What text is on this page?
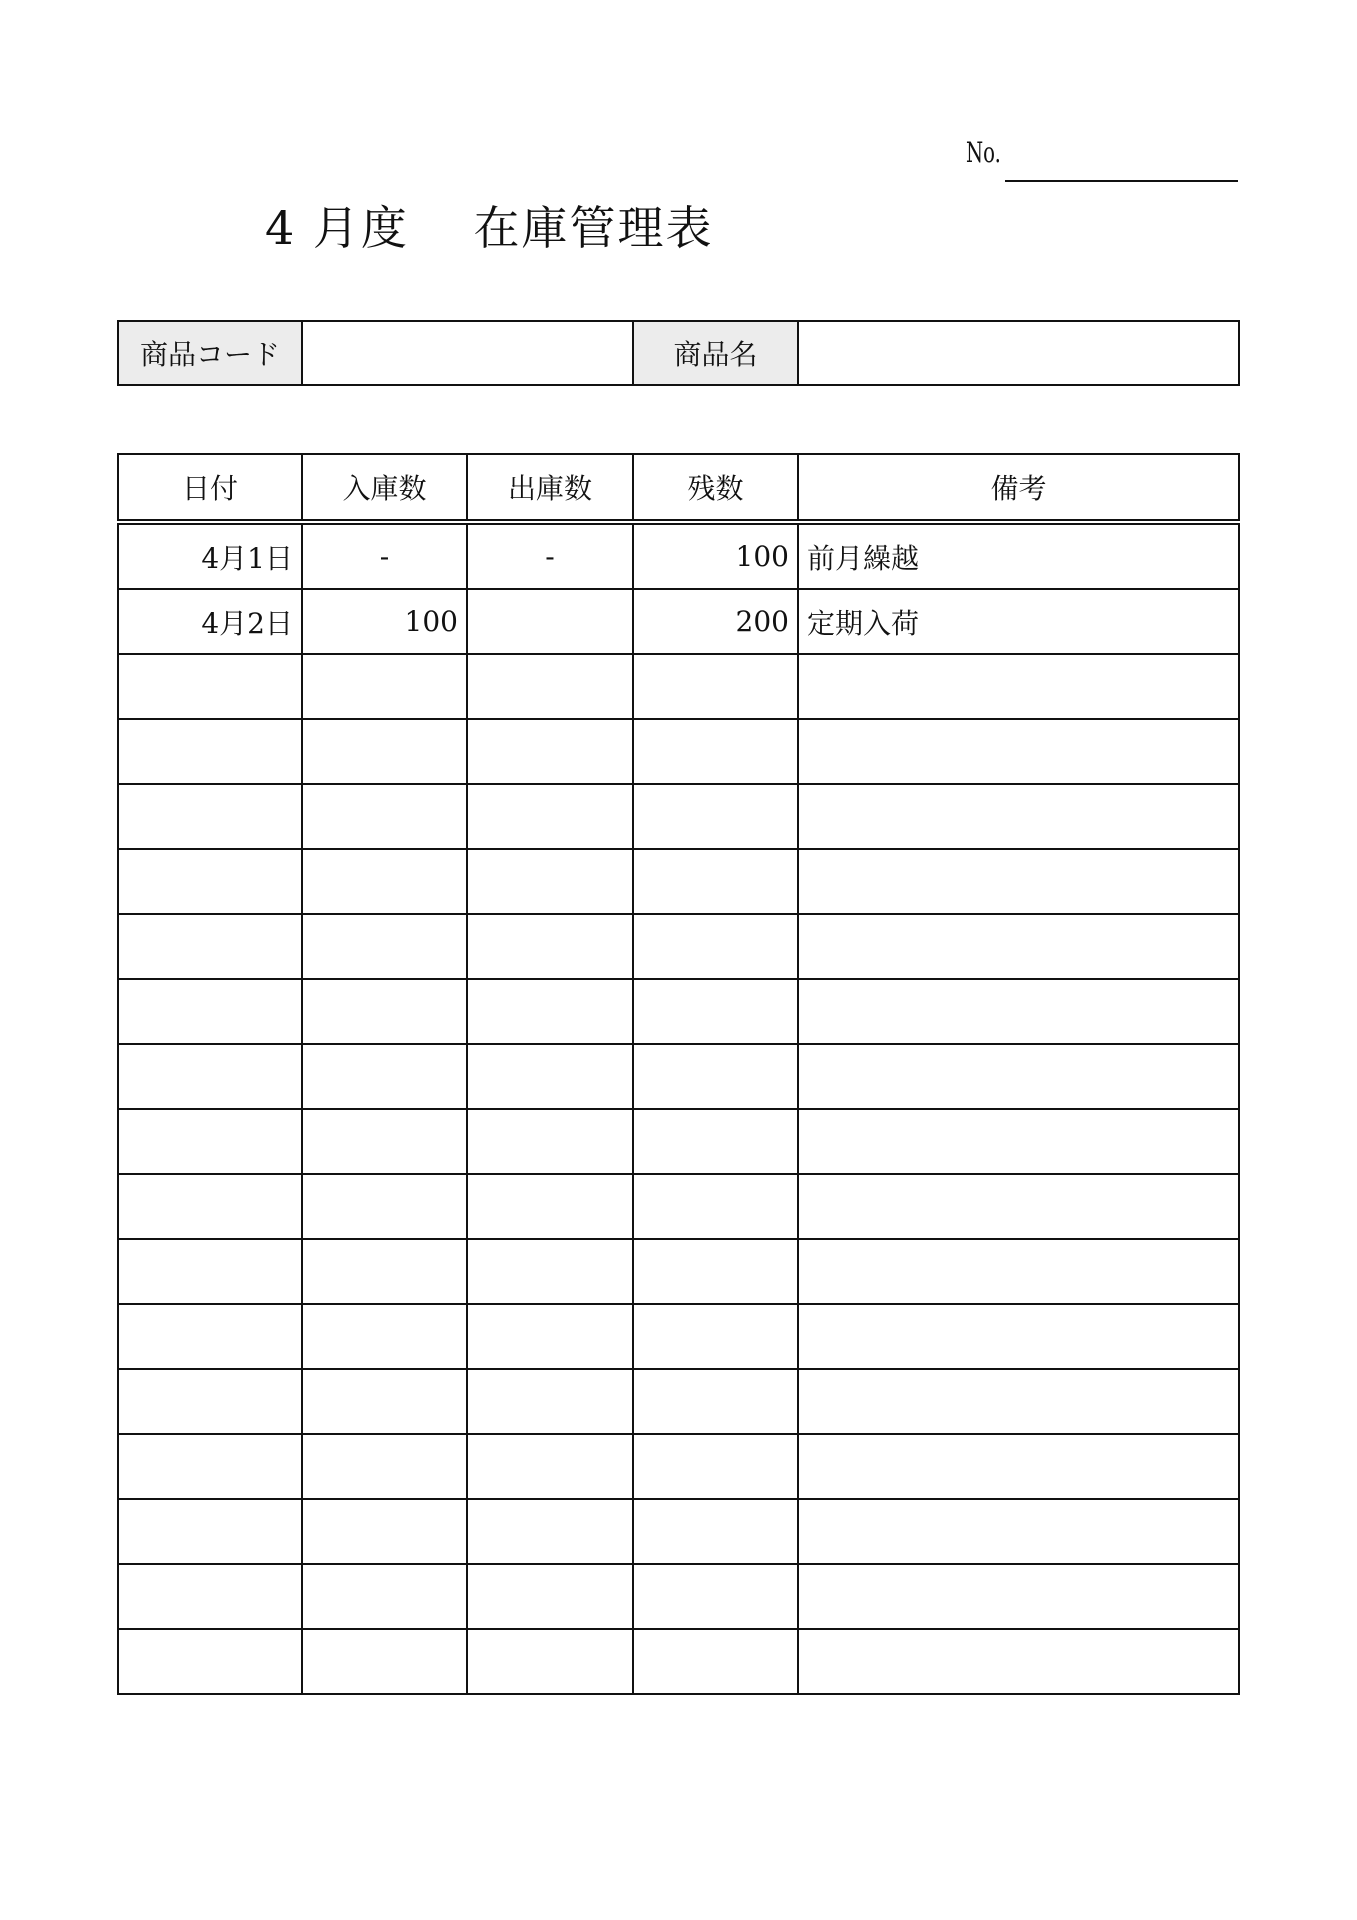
No.
4 月度　 在庫管理表
商品コード		商品名	
日付	入庫数	出庫数	残数	備考
4月1日	-	-	100	前月繰越
4月2日	100		200	定期入荷
